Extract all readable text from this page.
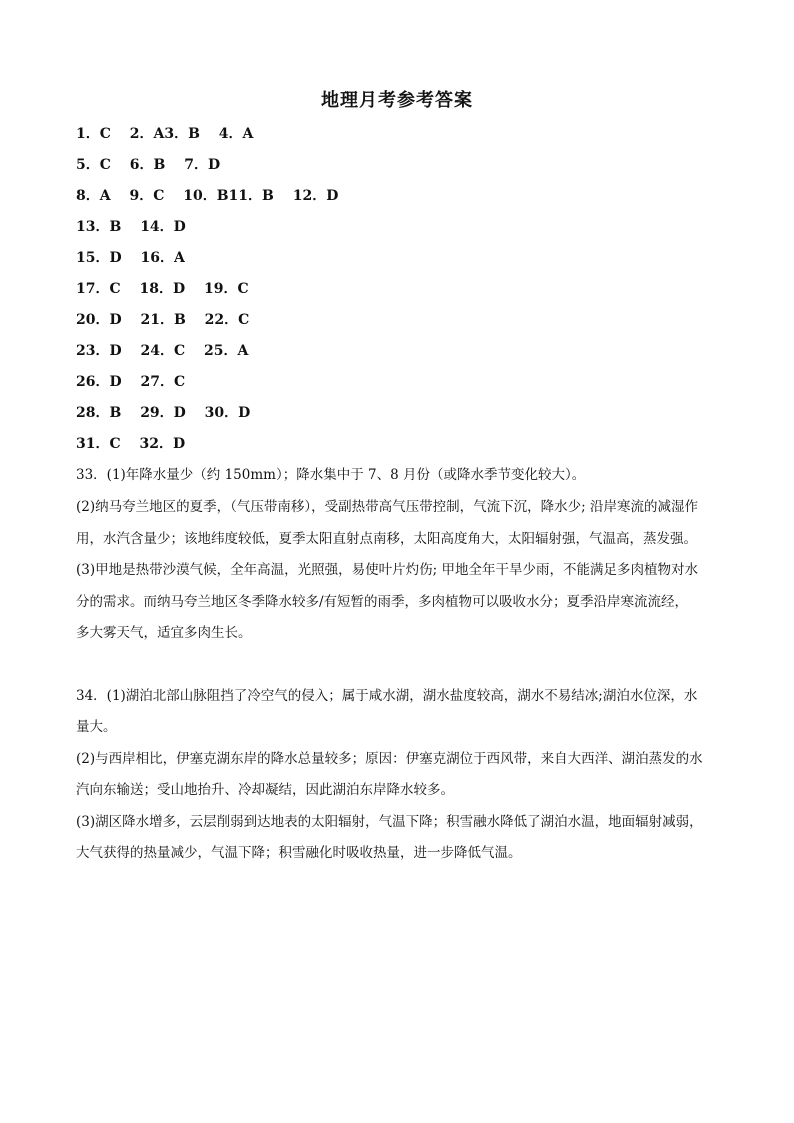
地理月考参考答案
1．C　 2．A3．B　 4．A
5．C　 6．B　 7．D
8．A　 9．C　 10．B11．B　 12．D
13．B　 14．D
15．D　 16．A
17．C　 18．D　 19．C
20．D　 21．B　 22．C
23．D　 24．C　 25．A
26．D　 27．C
28．B　 29．D　 30．D
31．C　 32．D
33．(1)年降水量少（约 150mm）；降水集中于 7、8 月份（或降水季节变化较大）。
(2)纳马夸兰地区的夏季，（气压带南移），受副热带高气压带控制，气流下沉，降水少; 沿岸寒流的减湿作
用，水汽含量少；该地纬度较低，夏季太阳直射点南移，太阳高度角大，太阳辐射强，气温高，蒸发强。
(3)甲地是热带沙漠气候，全年高温，光照强，易使叶片灼伤; 甲地全年干旱少雨，不能满足多肉植物对水
分的需求。而纳马夸兰地区冬季降水较多/有短暂的雨季，多肉植物可以吸收水分；夏季沿岸寒流流经，
多大雾天气，适宜多肉生长。
34．(1)湖泊北部山脉阻挡了冷空气的侵入；属于咸水湖，湖水盐度较高，湖水不易结冰;湖泊水位深，水
量大。
(2)与西岸相比，伊塞克湖东岸的降水总量较多；原因：伊塞克湖位于西风带，来自大西洋、湖泊蒸发的水
汽向东输送；受山地抬升、冷却凝结，因此湖泊东岸降水较多。
(3)湖区降水增多，云层削弱到达地表的太阳辐射，气温下降；积雪融水降低了湖泊水温，地面辐射减弱，
大气获得的热量减少，气温下降；积雪融化时吸收热量，进一步降低气温。
